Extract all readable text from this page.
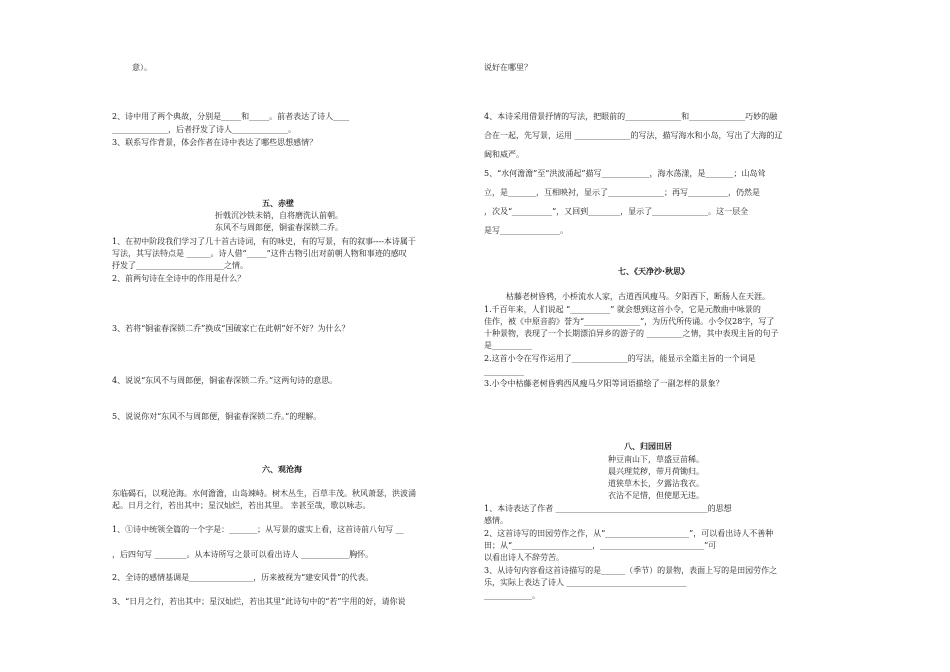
意）。
2、诗中用了两个典故，分别是_____和_____。前者表达了诗人____
______________，后者抒发了诗人______________。
3、联系写作背景，体会作者在诗中表达了哪些思想感情？
五、赤壁
折戟沉沙铁未销，自将磨洗认前朝。
东风不与周郎便，铜雀春深锁二乔。
1、在初中阶段我们学习了几十首古诗词，有的咏史，有的写景，有的叙事----本诗属于
写法，其写法特点是 ______。诗人借“_____”这件古物引出对前朝人物和事迹的感叹
抒发了______________________之情。
2、前两句诗在全诗中的作用是什么？
3、若将“铜雀春深锁二乔”换成“国破家亡在此朝”好不好？为什么？
4、说说“东风不与周郎便，铜雀春深锁二乔。”这两句诗的意思。
5、说说你对“东风不与周郎便，铜雀春深锁二乔。”的理解。
六、观沧海
东临碣石，以观沧海。水何澹澹，山岛竦峙。树木丛生，百草丰茂。秋风萧瑟，洪波涌
起。日月之行，若出其中；星汉灿烂，若出其里。 幸甚至哉，歌以咏志。
1、①诗中统领全篇的一个字是：_______；从写景的虚实上看，这首诗前八句写 __
，后四句写 ________。从本诗所写之景可以看出诗人 ____________胸怀。
2、全诗的感情基调是________________，历来被视为“建安风骨”的代表。
3、“日月之行，若出其中；星汉灿烂，若出其里”此诗句中的“若”字用的好，请你说
说好在哪里？
4、本诗采用借景抒情的写法，把眼前的______________和______________巧妙的融
合在一起，先写景，运用 ______________的写法，描写海水和小岛，写出了大海的辽
阔和威严。
5、“水何澹澹”至“洪波涌起”描写____________，海水荡漾，是_______；山岛耸
立，是_______，互相映衬，显示了______________；再写__________，仍然是
，次及“__________”，又回到________，显示了______________。这一层全
是写_______________。
七、《天净沙·秋思》
枯藤老树昏鸦，小桥流水人家，古道西风瘦马。夕阳西下，断肠人在天涯。
1.千百年来，人们说起 “__________” 就会想到这首小令，它是元散曲中咏景的
佳作，被《中原音韵》誉为“______________”，为历代所传诵。小令仅28字，写了
十种景物，表现了一个长期漂泊异乡的游子的 _________之情，其中表现主旨的句子
是__________
2.这首小令在写作运用了______________的写法，能显示全篇主旨的一个词是
__________
3.小令中枯藤老树昏鸦西风瘦马夕阳等词语描绘了一副怎样的景象？
八、归园田居
种豆南山下，草盛豆苗稀。
晨兴理荒秽，带月荷锄归。
道狭草木长，夕露沾我衣。
衣沾不足惜，但使愿无违。
1、本诗表达了作者 ______________________________________的思想
感情。
2、这首诗写的田园劳作之作，从“_____________________”，可以看出诗人不善种
田；从“____________________，__________________________”可
以看出诗人不辞劳苦。
3、从诗句内容看这首诗描写的是______（季节）的景物，表面上写的是田园劳作之
乐，实际上表达了诗人 ______________________________
____________。
